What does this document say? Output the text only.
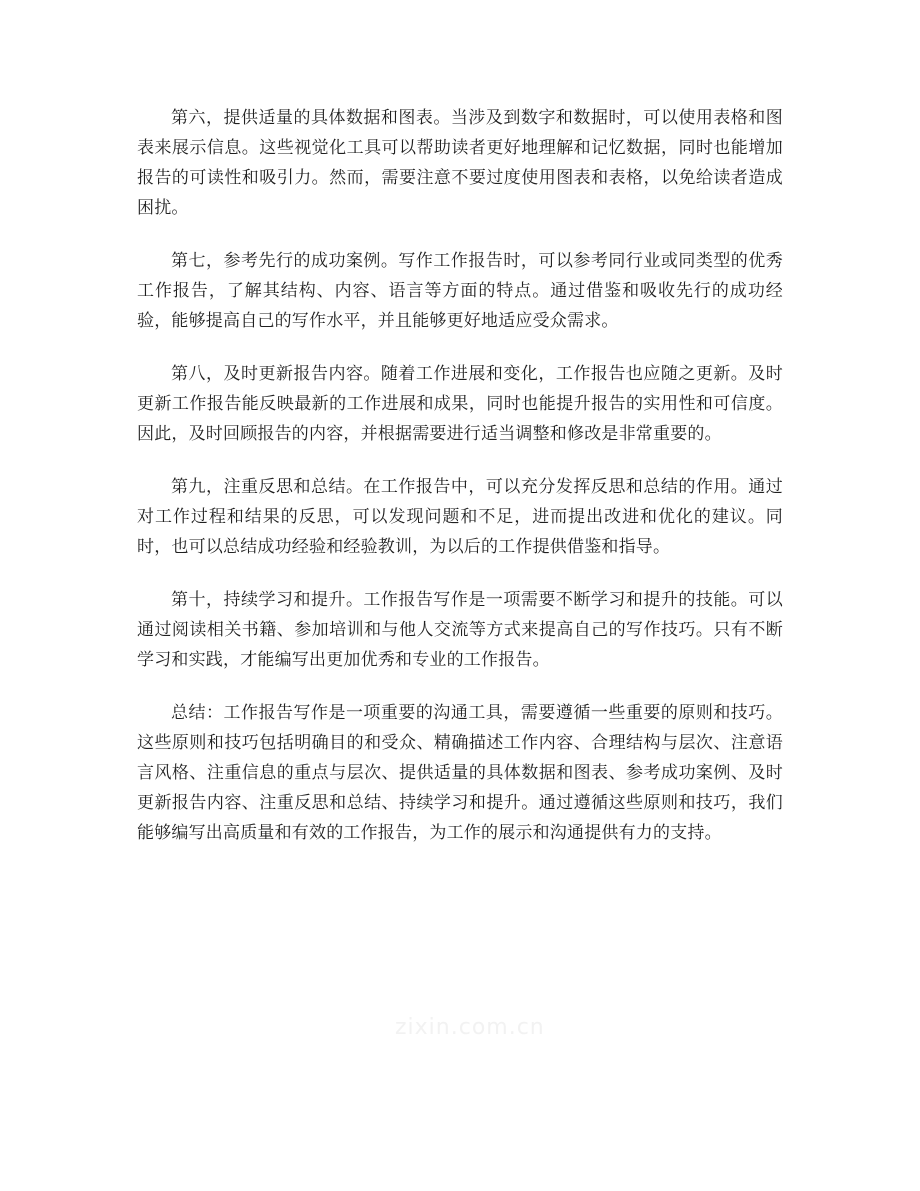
第六，提供适量的具体数据和图表。当涉及到数字和数据时，可以使用表格和图表来展示信息。这些视觉化工具可以帮助读者更好地理解和记忆数据，同时也能增加报告的可读性和吸引力。然而，需要注意不要过度使用图表和表格，以免给读者造成困扰。

第七，参考先行的成功案例。写作工作报告时，可以参考同行业或同类型的优秀工作报告，了解其结构、内容、语言等方面的特点。通过借鉴和吸收先行的成功经验，能够提高自己的写作水平，并且能够更好地适应受众需求。

第八，及时更新报告内容。随着工作进展和变化，工作报告也应随之更新。及时更新工作报告能反映最新的工作进展和成果，同时也能提升报告的实用性和可信度。因此，及时回顾报告的内容，并根据需要进行适当调整和修改是非常重要的。

第九，注重反思和总结。在工作报告中，可以充分发挥反思和总结的作用。通过对工作过程和结果的反思，可以发现问题和不足，进而提出改进和优化的建议。同时，也可以总结成功经验和经验教训，为以后的工作提供借鉴和指导。

第十，持续学习和提升。工作报告写作是一项需要不断学习和提升的技能。可以通过阅读相关书籍、参加培训和与他人交流等方式来提高自己的写作技巧。只有不断学习和实践，才能编写出更加优秀和专业的工作报告。

总结：工作报告写作是一项重要的沟通工具，需要遵循一些重要的原则和技巧。这些原则和技巧包括明确目的和受众、精确描述工作内容、合理结构与层次、注意语言风格、注重信息的重点与层次、提供适量的具体数据和图表、参考成功案例、及时更新报告内容、注重反思和总结、持续学习和提升。通过遵循这些原则和技巧，我们能够编写出高质量和有效的工作报告，为工作的展示和沟通提供有力的支持。

zixin.com.cn
